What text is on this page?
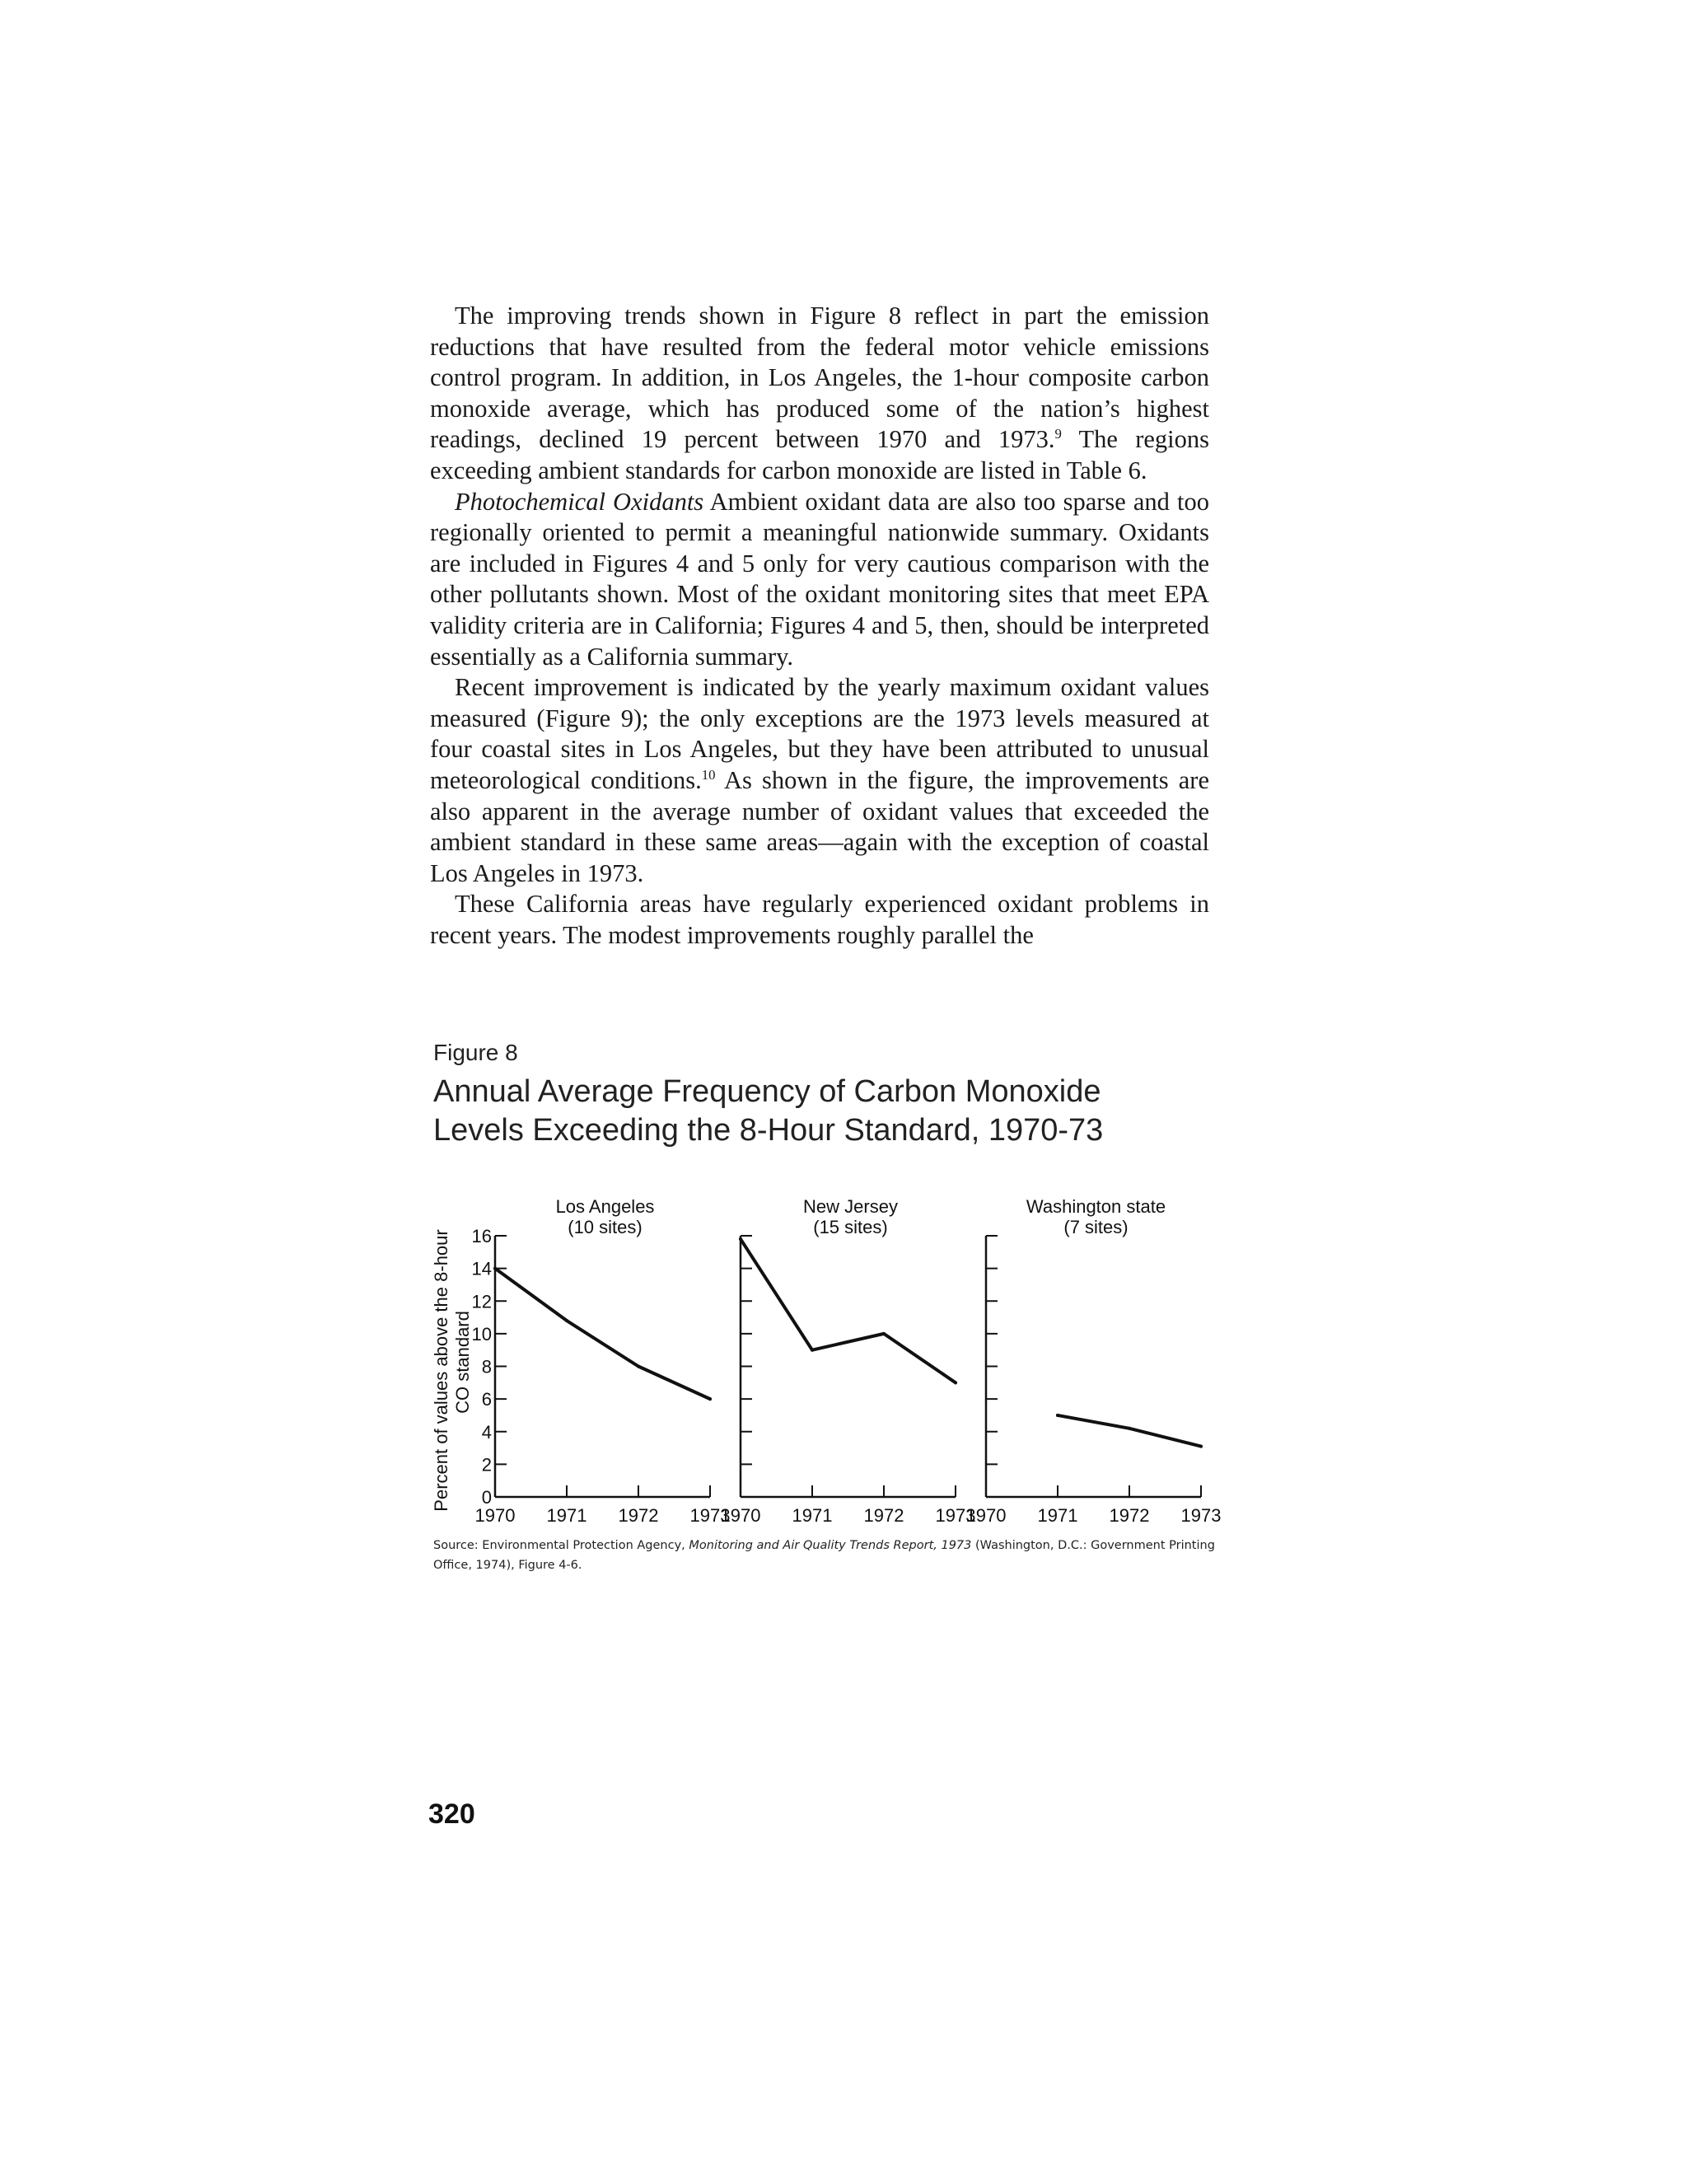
The improving trends shown in Figure 8 reflect in part the emission reductions that have resulted from the federal motor vehicle emissions control program. In addition, in Los Angeles, the 1-hour composite carbon monoxide average, which has produced some of the nation’s highest readings, declined 19 percent between 1970 and 1973.$^9$ The regions exceeding ambient standards for carbon monoxide are listed in Table 6.

Photochemical Oxidants Ambient oxidant data are also too sparse and too regionally oriented to permit a meaningful nationwide summary. Oxidants are included in Figures 4 and 5 only for very cautious comparison with the other pollutants shown. Most of the oxidant monitoring sites that meet EPA validity criteria are in California; Figures 4 and 5, then, should be interpreted essentially as a California summary.

Recent improvement is indicated by the yearly maximum oxidant values measured (Figure 9); the only exceptions are the 1973 levels measured at four coastal sites in Los Angeles, but they have been attributed to unusual meteorological conditions.$^{10}$ As shown in the figure, the improvements are also apparent in the average number of oxidant values that exceeded the ambient standard in these same areas—again with the exception of coastal Los Angeles in 1973.

These California areas have regularly experienced oxidant problems in recent years. The modest improvements roughly parallel the

Figure 8
Annual Average Frequency of Carbon Monoxide
Levels Exceeding the 8-Hour Standard, 1970-73
Percent of values above the 8-hour CO standard
0
2
4
6
8
10
12
14
16
1970 1971 1972 1973
Los Angeles
(10 sites)
1970 1971 1972 1973
New Jersey
(15 sites)
1970 1971 1972 1973
Washington state
(7 sites)
Source: Environmental Protection Agency, Monitoring and Air Quality Trends Report, 1973 (Washington, D.C.: Government Printing Office, 1974), Figure 4-6.
320
